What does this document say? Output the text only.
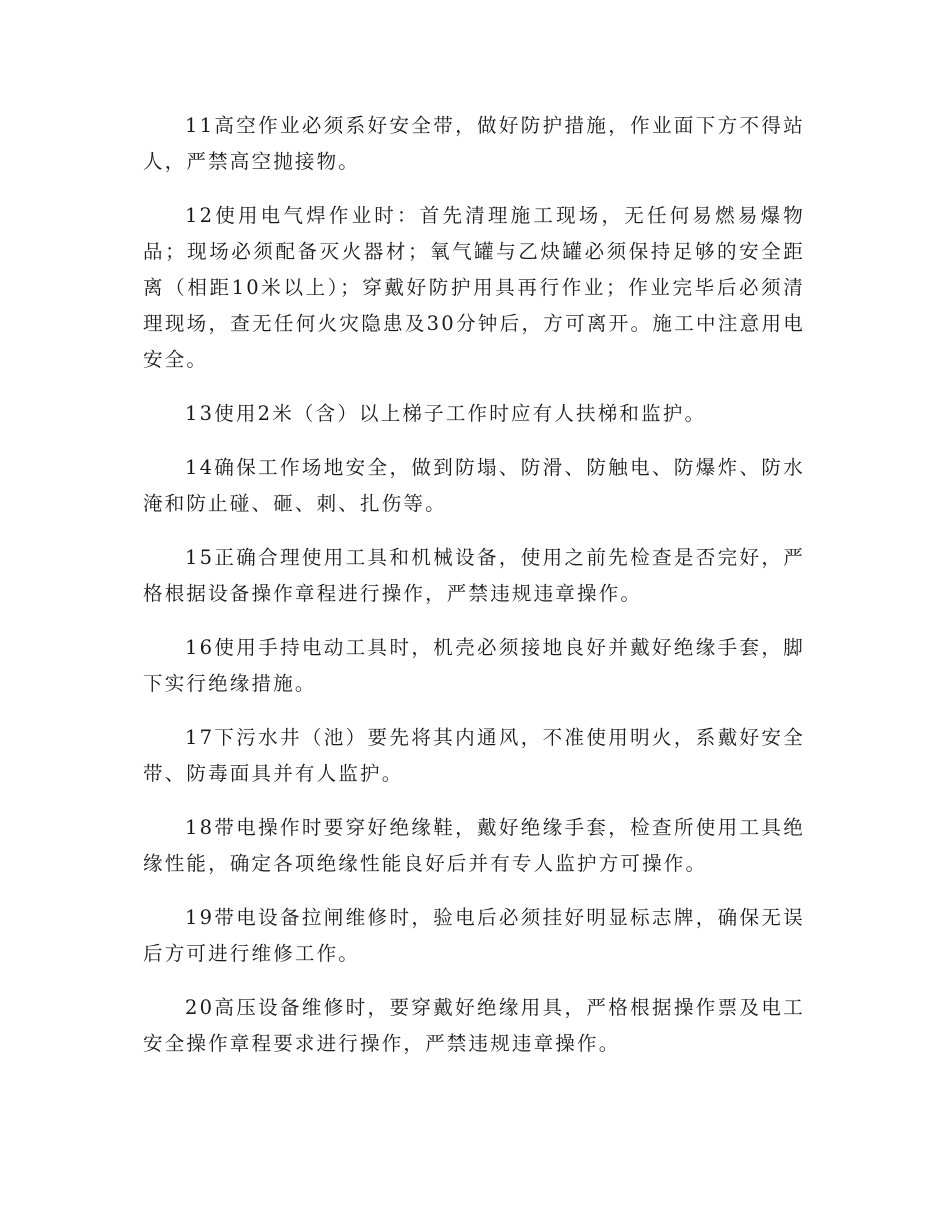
11高空作业必须系好安全带，做好防护措施，作业面下方不得站人，严禁高空抛接物。

12使用电气焊作业时：首先清理施工现场，无任何易燃易爆物品；现场必须配备灭火器材；氧气罐与乙炔罐必须保持足够的安全距离（相距10米以上）；穿戴好防护用具再行作业；作业完毕后必须清理现场，查无任何火灾隐患及30分钟后，方可离开。施工中注意用电安全。

13使用2米（含）以上梯子工作时应有人扶梯和监护。

14确保工作场地安全，做到防塌、防滑、防触电、防爆炸、防水淹和防止碰、砸、刺、扎伤等。

15正确合理使用工具和机械设备，使用之前先检查是否完好，严格根据设备操作章程进行操作，严禁违规违章操作。

16使用手持电动工具时，机壳必须接地良好并戴好绝缘手套，脚下实行绝缘措施。

17下污水井（池）要先将其内通风，不准使用明火，系戴好安全带、防毒面具并有人监护。

18带电操作时要穿好绝缘鞋，戴好绝缘手套，检查所使用工具绝缘性能，确定各项绝缘性能良好后并有专人监护方可操作。

19带电设备拉闸维修时，验电后必须挂好明显标志牌，确保无误后方可进行维修工作。

20高压设备维修时，要穿戴好绝缘用具，严格根据操作票及电工安全操作章程要求进行操作，严禁违规违章操作。
